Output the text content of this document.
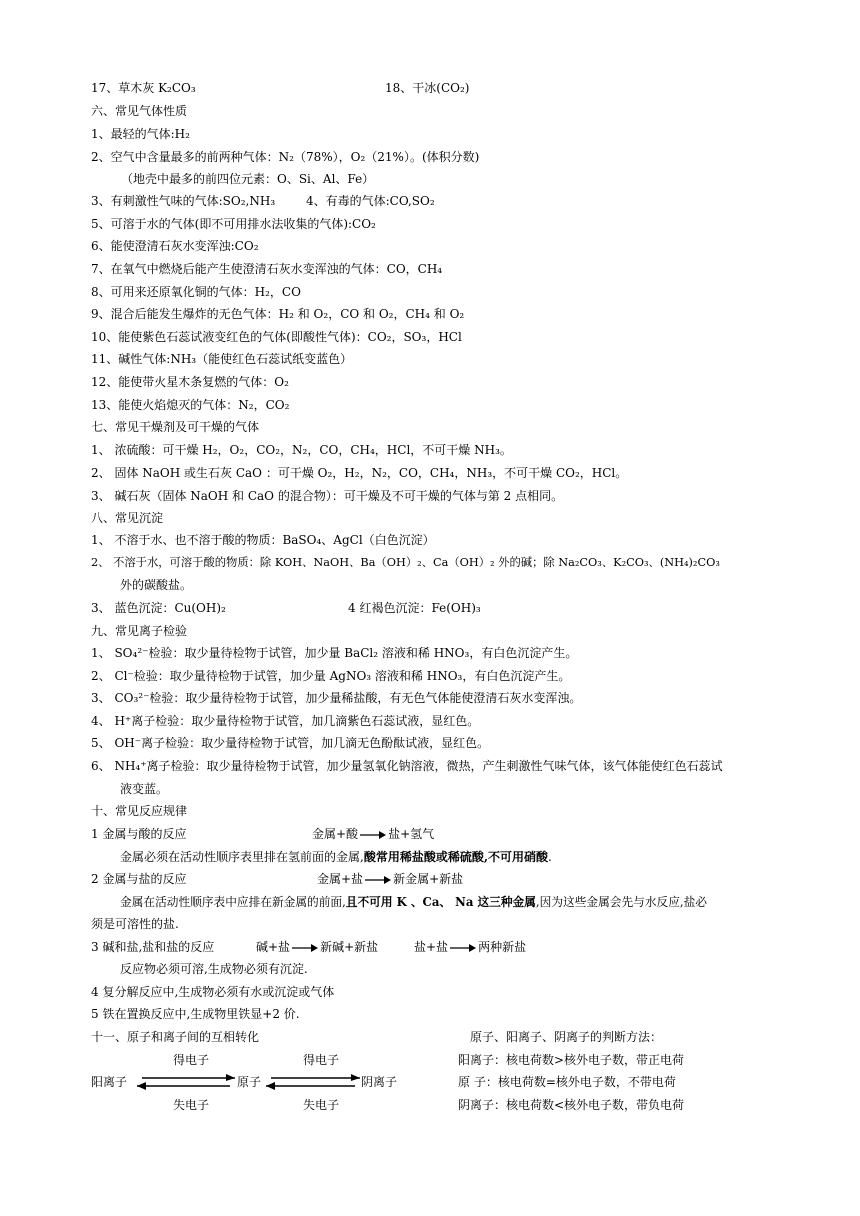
17、草木灰 K₂CO₃	18、干冰(CO₂)
六、常见气体性质
1、最轻的气体:H₂
2、空气中含量最多的前两种气体：N₂（78%），O₂（21%）。(体积分数)
（地壳中最多的前四位元素：O、Si、Al、Fe）
3、有刺激性气味的气体:SO₂,NH₃	4、有毒的气体:CO,SO₂
5、可溶于水的气体(即不可用排水法收集的气体):CO₂
6、能使澄清石灰水变浑浊:CO₂
7、在氧气中燃烧后能产生使澄清石灰水变浑浊的气体：CO，CH₄
8、可用来还原氧化铜的气体：H₂，CO
9、混合后能发生爆炸的无色气体：H₂ 和 O₂，CO 和 O₂，CH₄ 和 O₂
10、能使紫色石蕊试液变红色的气体(即酸性气体)：CO₂，SO₃，HCl
11、碱性气体:NH₃（能使红色石蕊试纸变蓝色）
12、能使带火星木条复燃的气体：O₂
13、能使火焰熄灭的气体：N₂，CO₂
七、常见干燥剂及可干燥的气体
1、 浓硫酸：可干燥 H₂，O₂，CO₂，N₂，CO，CH₄，HCl，不可干燥 NH₃。
2、 固体 NaOH 或生石灰 CaO ：可干燥 O₂，H₂，N₂，CO，CH₄，NH₃，不可干燥 CO₂，HCl。
3、 碱石灰（固体 NaOH 和 CaO 的混合物）：可干燥及不可干燥的气体与第 2 点相同。
八、常见沉淀
1、 不溶于水、也不溶于酸的物质：BaSO₄、AgCl（白色沉淀）
2、 不溶于水，可溶于酸的物质：除 KOH、NaOH、Ba（OH）₂、Ca（OH）₂ 外的碱；除 Na₂CO₃、K₂CO₃、(NH₄)₂CO₃
外的碳酸盐。
3、 蓝色沉淀：Cu(OH)₂	4 红褐色沉淀：Fe(OH)₃
九、常见离子检验
1、 SO₄²⁻检验：取少量待检物于试管，加少量 BaCl₂ 溶液和稀 HNO₃，有白色沉淀产生。
2、 Cl⁻检验：取少量待检物于试管，加少量 AgNO₃ 溶液和稀 HNO₃，有白色沉淀产生。
3、 CO₃²⁻检验：取少量待检物于试管，加少量稀盐酸，有无色气体能使澄清石灰水变浑浊。
4、 H⁺离子检验：取少量待检物于试管，加几滴紫色石蕊试液，显红色。
5、 OH⁻离子检验：取少量待检物于试管，加几滴无色酚酞试液，显红色。
6、 NH₄⁺离子检验：取少量待检物于试管，加少量氢氧化钠溶液，微热，产生刺激性气味气体，该气体能使红色石蕊试
液变蓝。
十、常见反应规律
1 金属与酸的反应	金属+酸	盐+氢气
金属必须在活动性顺序表里排在氢前面的金属,酸常用稀盐酸或稀硫酸,不可用硝酸.
2 金属与盐的反应	金属+盐	新金属+新盐
金属在活动性顺序表中应排在新金属的前面,且不可用 K 、Ca、 Na 这三种金属,因为这些金属会先与水反应,盐必
须是可溶性的盐.
3 碱和盐,盐和盐的反应	碱+盐	新碱+新盐	盐+盐	两种新盐
反应物必须可溶,生成物必须有沉淀.
4 复分解反应中,生成物必须有水或沉淀或气体
5 铁在置换反应中,生成物里铁显+2 价.
十一、原子和离子间的互相转化	原子、阳离子、阴离子的判断方法：
得电子	得电子
阳离子	原子	阴离子
失电子	失电子
阳离子：核电荷数>核外电子数，带正电荷
原 子：核电荷数=核外电子数，不带电荷
阴离子：核电荷数<核外电子数，带负电荷
